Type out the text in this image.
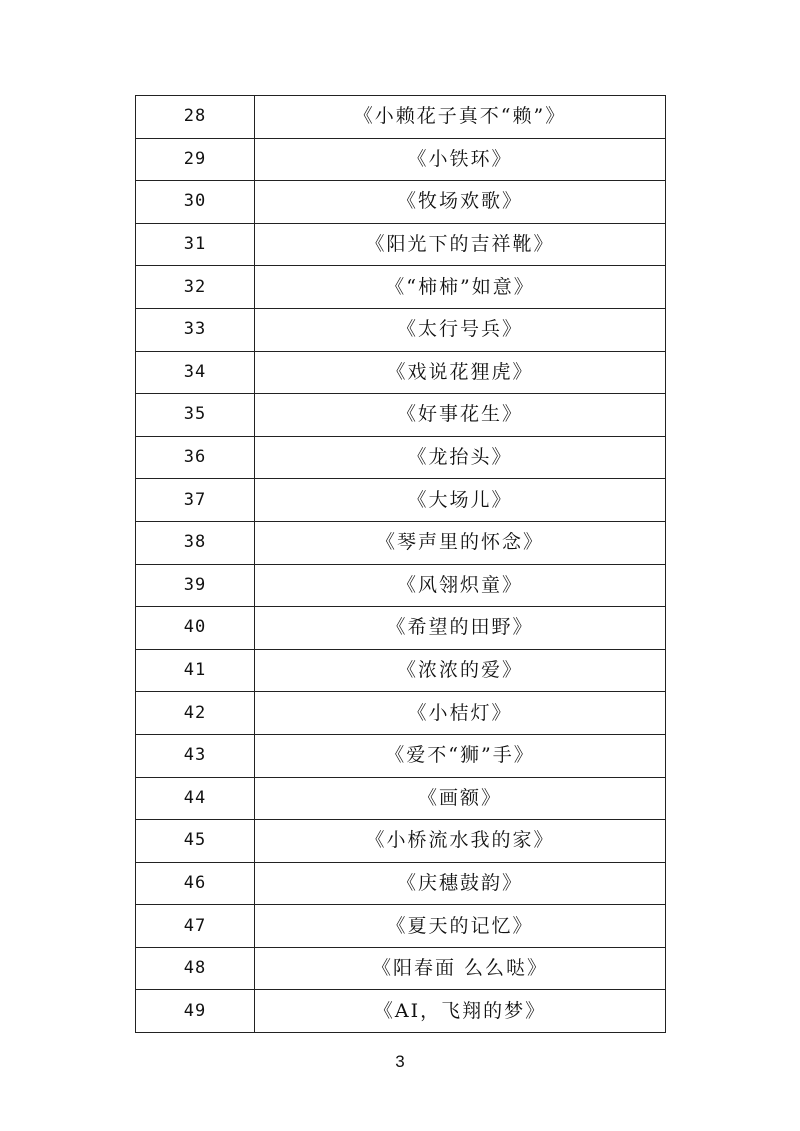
28	《小赖花子真不“赖”》
29	《小铁环》
30	《牧场欢歌》
31	《阳光下的吉祥靴》
32	《“柿柿”如意》
33	《太行号兵》
34	《戏说花狸虎》
35	《好事花生》
36	《龙抬头》
37	《大场儿》
38	《琴声里的怀念》
39	《风翎炽童》
40	《希望的田野》
41	《浓浓的爱》
42	《小桔灯》
43	《爱不“狮”手》
44	《画额》
45	《小桥流水我的家》
46	《庆穗鼓韵》
47	《夏天的记忆》
48	《阳春面 么么哒》
49	《AI，飞翔的梦》
3
